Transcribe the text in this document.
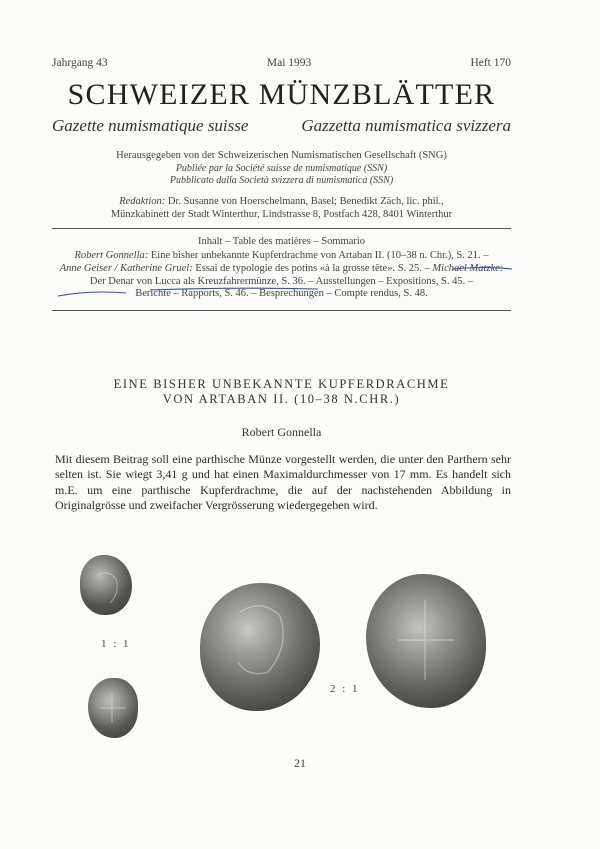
Jahrgang 43	Mai 1993	Heft 170
SCHWEIZER MÜNZBLÄTTER
Gazette numismatique suisse	Gazzetta numismatica svizzera
Herausgegeben von der Schweizerischen Numismatischen Gesellschaft (SNG)
Publiée par la Société suisse de numismatique (SSN)
Pubblicato dalla Società svizzera di numismatica (SSN)
Redaktion: Dr. Susanne von Hoerschelmann, Basel; Benedikt Zäch, lic. phil.,
Münzkabinett der Stadt Winterthur, Lindstrasse 8, Postfach 428, 8401 Winterthur
Inhalt – Table des matières – Sommario
Robert Gonnella: Eine bisher unbekannte Kupferdrachme von Artaban II. (10–38 n. Chr.), S. 21. –
Anne Geiser / Katherine Gruel: Essai de typologie des potins «à la grosse tête». S. 25. – Michael Matzke:
Der Denar von Lucca als Kreuzfahrermünze, S. 36. – Ausstellungen – Expositions, S. 45. –
Berichte – Rapports, S. 46. – Besprechungen – Compte rendus, S. 48.
EINE BISHER UNBEKANNTE KUPFERDRACHME
VON ARTABAN II. (10–38 N.CHR.)
Robert Gonnella
Mit diesem Beitrag soll eine parthische Münze vorgestellt werden, die unter den Parthern sehr selten ist. Sie wiegt 3,41 g und hat einen Maximaldurchmesser von 17 mm. Es handelt sich m.E. um eine parthische Kupferdrachme, die auf der nachstehenden Abbildung in Originalgrösse und zweifacher Vergrösserung wiedergegeben wird.
1 : 1
2 : 1
21
